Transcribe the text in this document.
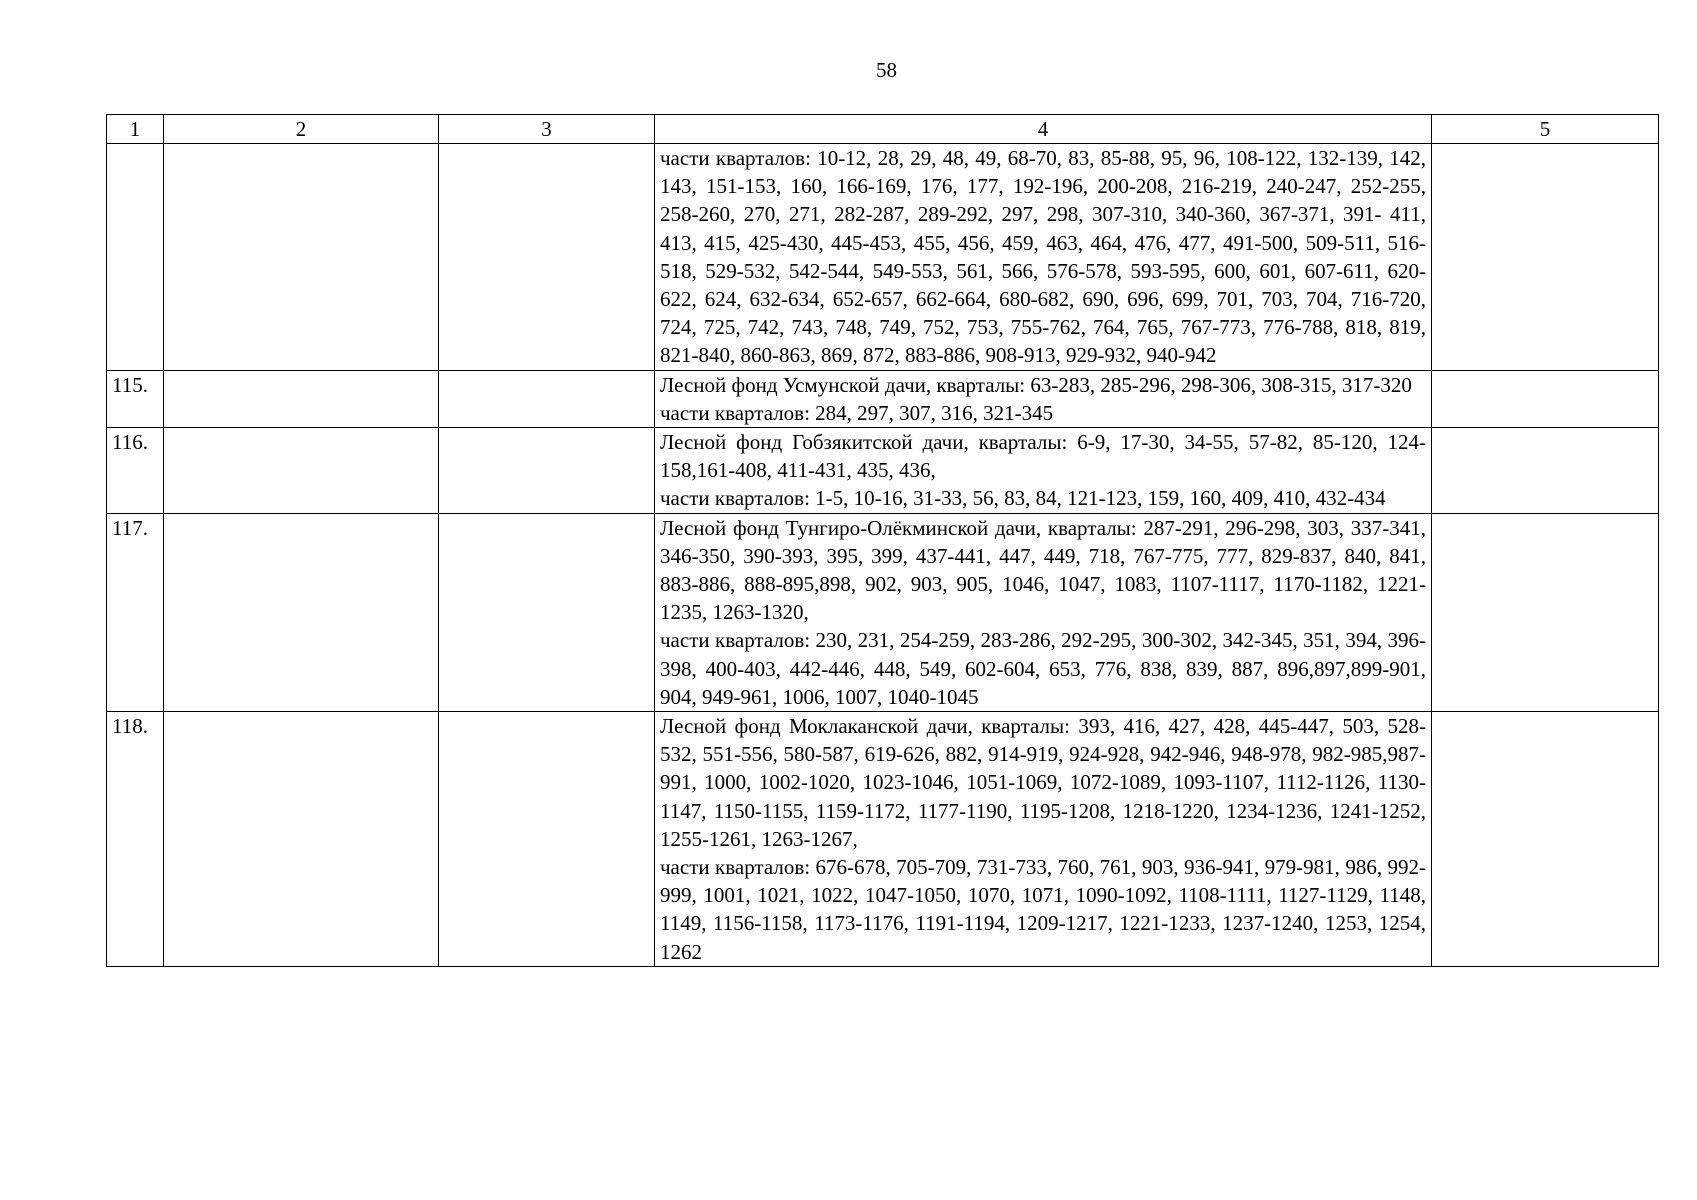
58
1	2	3	4	5

			части кварталов: 10-12, 28, 29, 48, 49, 68-70, 83, 85-88, 95, 96, 108-122, 132-139, 142, 143, 151-153, 160, 166-169, 176, 177, 192-196, 200-208, 216-219, 240-247, 252-255, 258-260, 270, 271, 282-287, 289-292, 297, 298, 307-310, 340-360, 367-371, 391- 411, 413, 415, 425-430, 445-453, 455, 456, 459, 463, 464, 476, 477, 491-500, 509-511, 516-518, 529-532, 542-544, 549-553, 561, 566, 576-578, 593-595, 600, 601, 607-611, 620-622, 624, 632-634, 652-657, 662-664, 680-682, 690, 696, 699, 701, 703, 704, 716-720, 724, 725, 742, 743, 748, 749, 752, 753, 755-762, 764, 765, 767-773, 776-788, 818, 819, 821-840, 860-863, 869, 872, 883-886, 908-913, 929-932, 940-942	

115.			Лесной фонд Усмунской дачи, кварталы: 63-283, 285-296, 298-306, 308-315, 317-320
части кварталов: 284, 297, 307, 316, 321-345	

116.			Лесной фонд Гобзякитской дачи, кварталы: 6-9, 17-30, 34-55, 57-82, 85-120, 124-158,161-408, 411-431, 435, 436,
части кварталов: 1-5, 10-16, 31-33, 56, 83, 84, 121-123, 159, 160, 409, 410, 432-434	

117.			Лесной фонд Тунгиро-Олёкминской дачи, кварталы: 287-291, 296-298, 303, 337-341, 346-350, 390-393, 395, 399, 437-441, 447, 449, 718, 767-775, 777, 829-837, 840, 841, 883-886, 888-895,898, 902, 903, 905, 1046, 1047, 1083, 1107-1117, 1170-1182, 1221-1235, 1263-1320,
части кварталов: 230, 231, 254-259, 283-286, 292-295, 300-302, 342-345, 351, 394, 396-398, 400-403, 442-446, 448, 549, 602-604, 653, 776, 838, 839, 887, 896,897,899-901, 904, 949-961, 1006, 1007, 1040-1045	

118.			Лесной фонд Моклаканской дачи, кварталы: 393, 416, 427, 428, 445-447, 503, 528-532, 551-556, 580-587, 619-626, 882, 914-919, 924-928, 942-946, 948-978, 982-985,987-991, 1000, 1002-1020, 1023-1046, 1051-1069, 1072-1089, 1093-1107, 1112-1126, 1130-1147, 1150-1155, 1159-1172, 1177-1190, 1195-1208, 1218-1220, 1234-1236, 1241-1252, 1255-1261, 1263-1267,
части кварталов: 676-678, 705-709, 731-733, 760, 761, 903, 936-941, 979-981, 986, 992-999, 1001, 1021, 1022, 1047-1050, 1070, 1071, 1090-1092, 1108-1111, 1127-1129, 1148, 1149, 1156-1158, 1173-1176, 1191-1194, 1209-1217, 1221-1233, 1237-1240, 1253, 1254, 1262	
